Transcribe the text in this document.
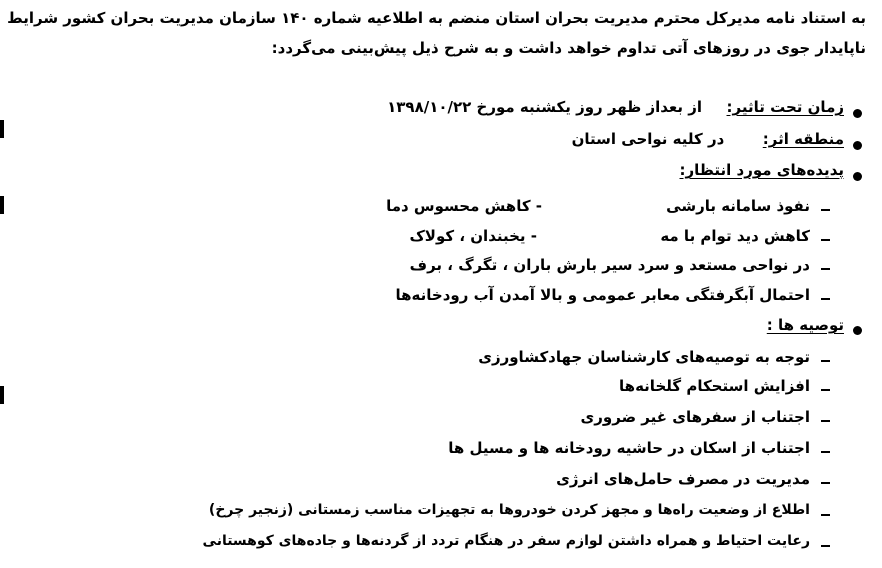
به استناد نامه مدیرکل محترم مدیریت بحران استان منضم به اطلاعیه شماره ۱۴۰ سازمان مدیریت بحران کشور شرایط
ناپایدار جوی در روزهای آتی تداوم خواهد داشت و به شرح ذیل پیش‌بینی می‌گردد:
زمان تحت تاثیر:  از بعداز ظهر روز یکشنبه مورخ ۱۳۹۸/۱۰/۲۲
منطقه اثر:  در کلیه نواحی استان
پدیده‌های مورد انتظار:
نفوذ سامانه بارشی
- کاهش محسوس دما
کاهش دید توام با مه
- یخبندان ، کولاک
در نواحی مستعد و سرد سیر بارش باران ، تگرگ ، برف
احتمال آبگرفتگی معابر عمومی و بالا آمدن آب رودخانه‌ها
توصیه ها :
توجه به توصیه‌های کارشناسان جهادکشاورزی
افزایش استحکام گلخانه‌ها
اجتناب از سفرهای غیر ضروری
اجتناب از اسکان در حاشیه رودخانه ها و مسیل ها
مدیریت در مصرف حامل‌های انرژی
اطلاع از وضعیت راه‌ها و مجهز کردن خودروها به تجهیزات مناسب زمستانی (زنجیر چرخ)
رعایت احتیاط و همراه داشتن لوازم سفر در هنگام تردد از گردنه‌ها و جاده‌های کوهستانی
